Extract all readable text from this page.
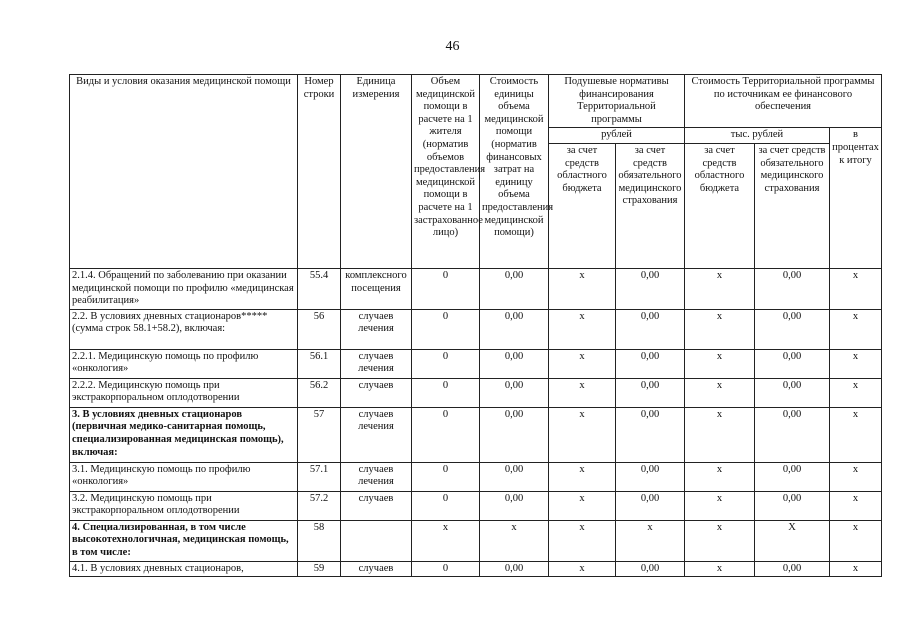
46
Виды и условия оказания медицинской помощи	Номер строки	Единица измерения	Объем медицинской помощи в расчете на 1 жителя (норматив объемов предоставления медицинской помощи в расчете на 1 застрахованное лицо)	Стоимость единицы объема медицинской помощи (норматив финансовых затрат на единицу объема предоставления медицинской помощи)	Подушевые нормативы финансирования Территориальной программы		Стоимость Территориальной программы по источникам ее финансового обеспечения		
					рублей		тыс. рублей		в процентах к итогу
					за счет средств областного бюджета	за счет средств обязательного медицинского страхования	за счет средств областного бюджета	за счет средств обязательного медицинского страхования	
2.1.4. Обращений по заболеванию при оказании медицинской помощи по профилю «медицинская реабилитация»	55.4	комплексного посещения	0	0,00	x	0,00	x	0,00	x
2.2. В условиях дневных стационаров***** (сумма строк 58.1+58.2), включая:	56	случаев лечения	0	0,00	x	0,00	x	0,00	x
2.2.1. Медицинскую помощь по профилю «онкология»	56.1	случаев лечения	0	0,00	x	0,00	x	0,00	x
2.2.2. Медицинскую помощь при экстракорпоральном оплодотворении	56.2	случаев	0	0,00	x	0,00	x	0,00	x
3. В условиях дневных стационаров (первичная медико-санитарная помощь, специализированная медицинская помощь), включая:	57	случаев лечения	0	0,00	x	0,00	x	0,00	x
3.1. Медицинскую помощь по профилю «онкология»	57.1	случаев лечения	0	0,00	x	0,00	x	0,00	x
3.2. Медицинскую помощь при экстракорпоральном оплодотворении	57.2	случаев	0	0,00	x	0,00	x	0,00	x
4. Специализированная, в том числе высокотехнологичная, медицинская помощь, в том числе:	58		x	x	x	x	x	X	x
4.1. В условиях дневных стационаров,	59	случаев	0	0,00	x	0,00	x	0,00	x
